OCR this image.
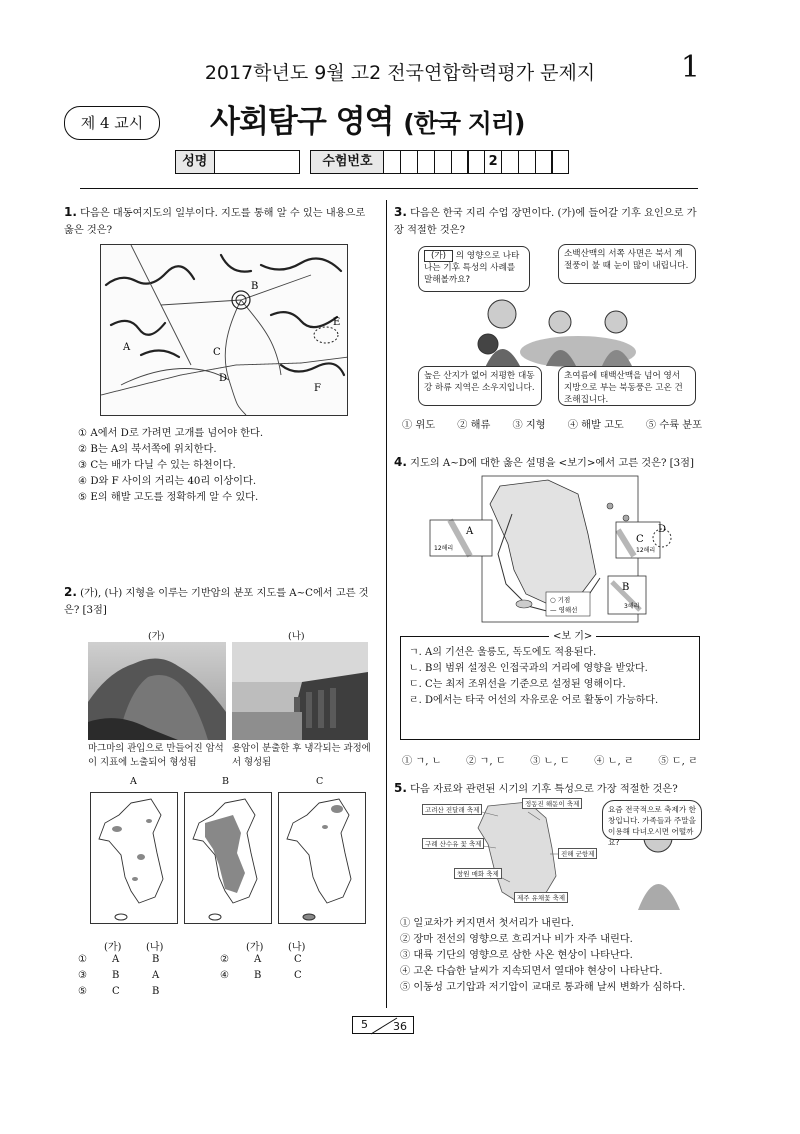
2017학년도 9월 고2 전국연합학력평가 문제지	1
제 4 교시	사회탐구 영역 (한국 지리)
성명	수험번호	2
1. 다음은 대동여지도의 일부이다. 지도를 통해 알 수 있는 내용으로 옳은 것은?
B
A	C
D
E
F
① A에서 D로 가려면 고개를 넘어야 한다.
② B는 A의 북서쪽에 위치한다.
③ C는 배가 다닐 수 있는 하천이다.
④ D와 F 사이의 거리는 40리 이상이다.
⑤ E의 해발 고도를 정확하게 알 수 있다.
2. (가), (나) 지형을 이루는 기반암의 분포 지도를 A~C에서 고른 것은? [3점]
(가)	(나)
마그마의 관입으로 만들어진 암석이 지표에 노출되어 형성됨
용암이 분출한 후 냉각되는 과정에서 형성됨
A	B	C
(가) (나)	(가) (나)
①	A	B	②	A	C
③	B	A	④	B	C
⑤	C	B
3. 다음은 한국 지리 수업 장면이다. (가)에 들어갈 기후 요인으로 가장 적절한 것은?
(가) 의 영향으로 나타나는 기후 특성의 사례를 말해볼까요?
소백산맥의 서쪽 사면은 북서 계절풍이 불 때 눈이 많이 내립니다.
높은 산지가 없어 저평한 대동강 하류 지역은 소우지입니다.
초여름에 태백산맥을 넘어 영서 지방으로 부는 북동풍은 고온 건조해집니다.
① 위도 ② 해류 ③ 지형 ④ 해발 고도 ⑤ 수륙 분포
4. 지도의 A~D에 대한 옳은 설명을 <보기>에서 고른 것은? [3점]
A
B
C
D
12해리	12해리
3해리
○ 기점
— 영해선
<보 기>
ㄱ. A의 기선은 울릉도, 독도에도 적용된다.
ㄴ. B의 범위 설정은 인접국과의 거리에 영향을 받았다.
ㄷ. C는 최저 조위선을 기준으로 설정된 영해이다.
ㄹ. D에서는 타국 어선의 자유로운 어로 활동이 가능하다.
① ㄱ, ㄴ ② ㄱ, ㄷ ③ ㄴ, ㄷ ④ ㄴ, ㄹ ⑤ ㄷ, ㄹ
5. 다음 자료와 관련된 시기의 기후 특성으로 가장 적절한 것은?
고려산 진달래 축제
정동진 해돋이 축제
구례 산수유 꽃 축제
진해 군항제
창원 매화 축제
제주 유채꽃 축제
요즘 전국적으로 축제가 한창입니다. 가족들과 주말을 이용해 다녀오시면 어떨까요?
① 일교차가 커지면서 첫서리가 내린다.
② 장마 전선의 영향으로 흐리거나 비가 자주 내린다.
③ 대륙 기단의 영향으로 삼한 사온 현상이 나타난다.
④ 고온 다습한 날씨가 지속되면서 열대야 현상이 나타난다.
⑤ 이동성 고기압과 저기압이 교대로 통과해 날씨 변화가 심하다.
5 36
